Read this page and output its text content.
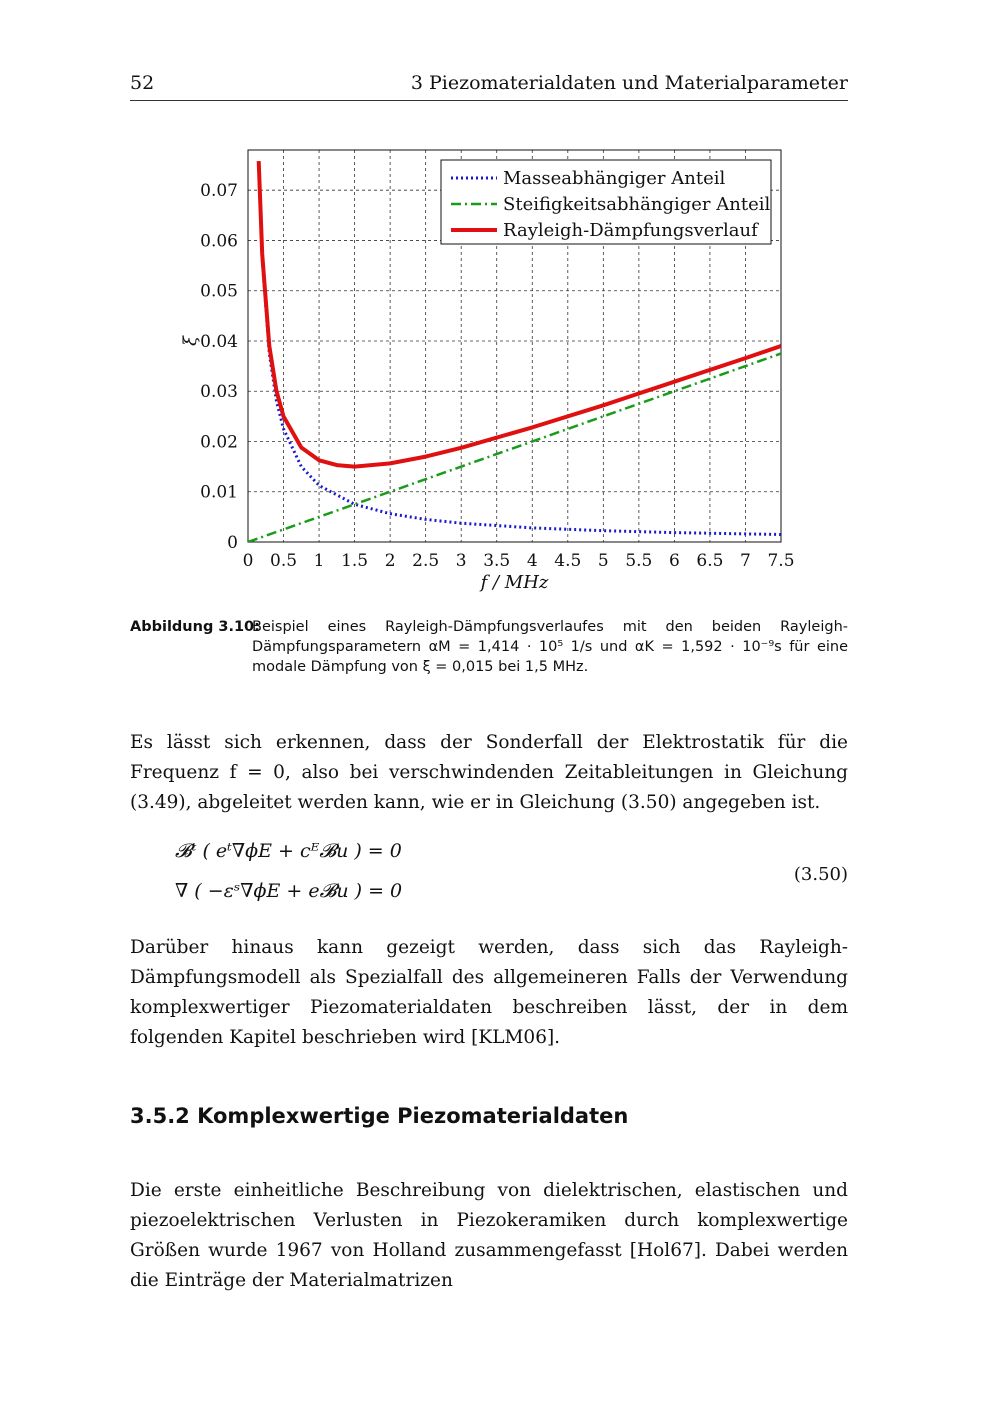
52	3 Piezomaterialdaten und Materialparameter
0 0.5 1 1.5 2 2.5 3 3.5 4 4.5 5 5.5 6 6.5 7 7.5
0
0.01
0.02
0.03
0.04
0.05
0.06
0.07
f / MHz
ξ
Masseabhängiger Anteil
Steifigkeitsabhängiger Anteil
Rayleigh-Dämpfungsverlauf
Abbildung 3.10:
Beispiel eines Rayleigh-Dämpfungsverlaufes mit den beiden Rayleigh-
Dämpfungsparametern αM = 1,414 · 10⁵ 1/s und αK = 1,592 · 10⁻⁹s für eine
modale Dämpfung von ξ = 0,015 bei 1,5 MHz.
Es lässt sich erkennen, dass der Sonderfall der Elektrostatik für die Frequenz f = 0, also bei verschwindenden Zeitableitungen in Gleichung (3.49), abgeleitet werden kann, wie er in Gleichung (3.50) angegeben ist.
𝓑ᵗ ( eᵗ∇ϕE + cᴱ𝓑u ) = 0
∇ ( −εˢ∇ϕE + e𝓑u ) = 0
(3.50)
Darüber hinaus kann gezeigt werden, dass sich das Rayleigh-Dämpfungsmodell als Spezialfall des allgemeineren Falls der Verwendung komplexwertiger Piezomaterialdaten beschreiben lässt, der in dem folgenden Kapitel beschrieben wird [KLM06].
3.5.2 Komplexwertige Piezomaterialdaten
Die erste einheitliche Beschreibung von dielektrischen, elastischen und piezoelektrischen Verlusten in Piezokeramiken durch komplexwertige Größen wurde 1967 von Holland zusammengefasst [Hol67]. Dabei werden die Einträge der Materialmatrizen
